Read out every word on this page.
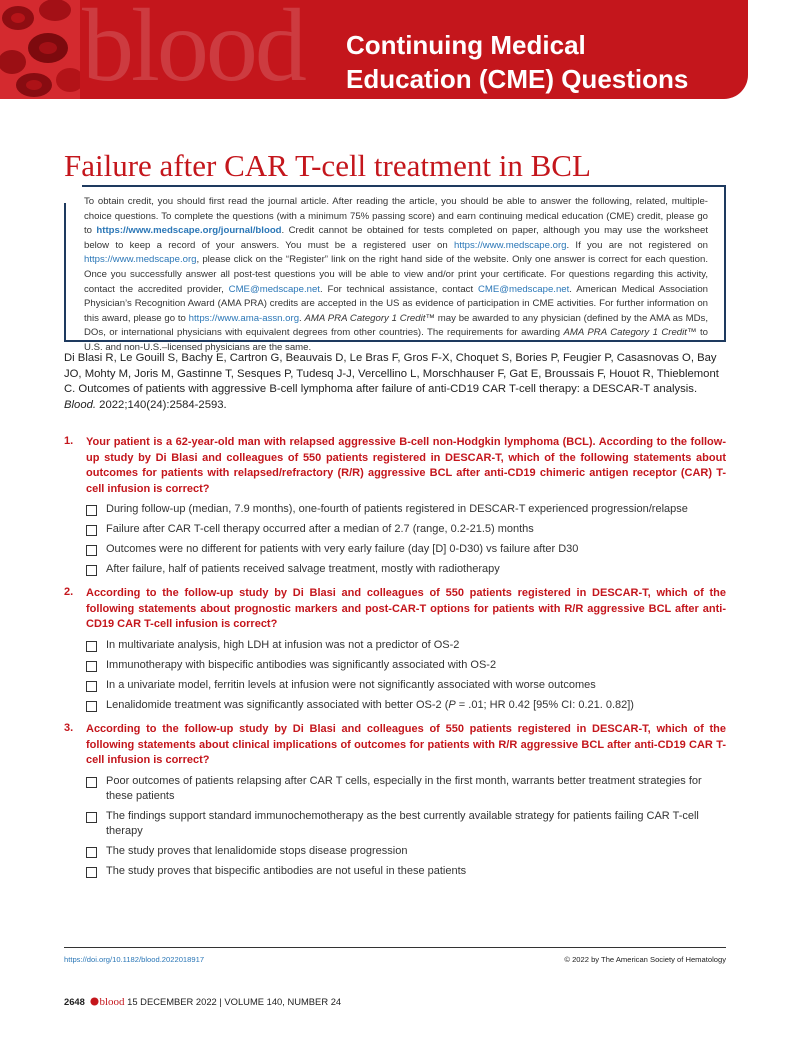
blood Continuing Medical
Education (CME) Questions
Failure after CAR T-cell treatment in BCL
To obtain credit, you should first read the journal article. After reading the article, you should be able to answer the following, related, multiple-choice questions. To complete the questions (with a minimum 75% passing score) and earn continuing medical education (CME) credit, please go to https://www.medscape.org/journal/blood. Credit cannot be obtained for tests completed on paper, although you may use the worksheet below to keep a record of your answers. You must be a registered user on https://www.medscape.org. If you are not registered on https://www.medscape.org, please click on the “Register” link on the right hand side of the website. Only one answer is correct for each question. Once you successfully answer all post-test questions you will be able to view and/or print your certificate. For questions regarding this activity, contact the accredited provider, CME@medscape.net. For technical assistance, contact CME@medscape.net. American Medical Association Physician’s Recognition Award (AMA PRA) credits are accepted in the US as evidence of participation in CME activities. For further information on this award, please go to https://www.ama-assn.org. AMA PRA Category 1 Credit™ may be awarded to any physician (defined by the AMA as MDs, DOs, or international physicians with equivalent degrees from other countries). The requirements for awarding AMA PRA Category 1 Credit™ to U.S. and non-U.S.–licensed physicians are the same.
Di Blasi R, Le Gouill S, Bachy E, Cartron G, Beauvais D, Le Bras F, Gros F-X, Choquet S, Bories P, Feugier P, Casasnovas O, Bay JO, Mohty M, Joris M, Gastinne T, Sesques P, Tudesq J-J, Vercellino L, Morschhauser F, Gat E, Broussais F, Houot R, Thieblemont C. Outcomes of patients with aggressive B-cell lymphoma after failure of anti-CD19 CAR T-cell therapy: a DESCAR-T analysis. Blood. 2022;140(24):2584-2593.
1. Your patient is a 62-year-old man with relapsed aggressive B-cell non-Hodgkin lymphoma (BCL). According to the follow-up study by Di Blasi and colleagues of 550 patients registered in DESCAR-T, which of the following statements about outcomes for patients with relapsed/refractory (R/R) aggressive BCL after anti-CD19 chimeric antigen receptor (CAR) T-cell infusion is correct?
During follow-up (median, 7.9 months), one-fourth of patients registered in DESCAR-T experienced progression/relapse
Failure after CAR T-cell therapy occurred after a median of 2.7 (range, 0.2-21.5) months
Outcomes were no different for patients with very early failure (day [D] 0-D30) vs failure after D30
After failure, half of patients received salvage treatment, mostly with radiotherapy
2. According to the follow-up study by Di Blasi and colleagues of 550 patients registered in DESCAR-T, which of the following statements about prognostic markers and post-CAR-T options for patients with R/R aggressive BCL after anti-CD19 CAR T-cell infusion is correct?
In multivariate analysis, high LDH at infusion was not a predictor of OS-2
Immunotherapy with bispecific antibodies was significantly associated with OS-2
In a univariate model, ferritin levels at infusion were not significantly associated with worse outcomes
Lenalidomide treatment was significantly associated with better OS-2 (P = .01; HR 0.42 [95% CI: 0.21. 0.82])
3. According to the follow-up study by Di Blasi and colleagues of 550 patients registered in DESCAR-T, which of the following statements about clinical implications of outcomes for patients with R/R aggressive BCL after anti-CD19 CAR T-cell infusion is correct?
Poor outcomes of patients relapsing after CAR T cells, especially in the first month, warrants better treatment strategies for these patients
The findings support standard immunochemotherapy as the best currently available strategy for patients failing CAR T-cell therapy
The study proves that lenalidomide stops disease progression
The study proves that bispecific antibodies are not useful in these patients
https://doi.org/10.1182/blood.2022018917	© 2022 by The American Society of Hematology
2648 blood 15 DECEMBER 2022 | VOLUME 140, NUMBER 24
